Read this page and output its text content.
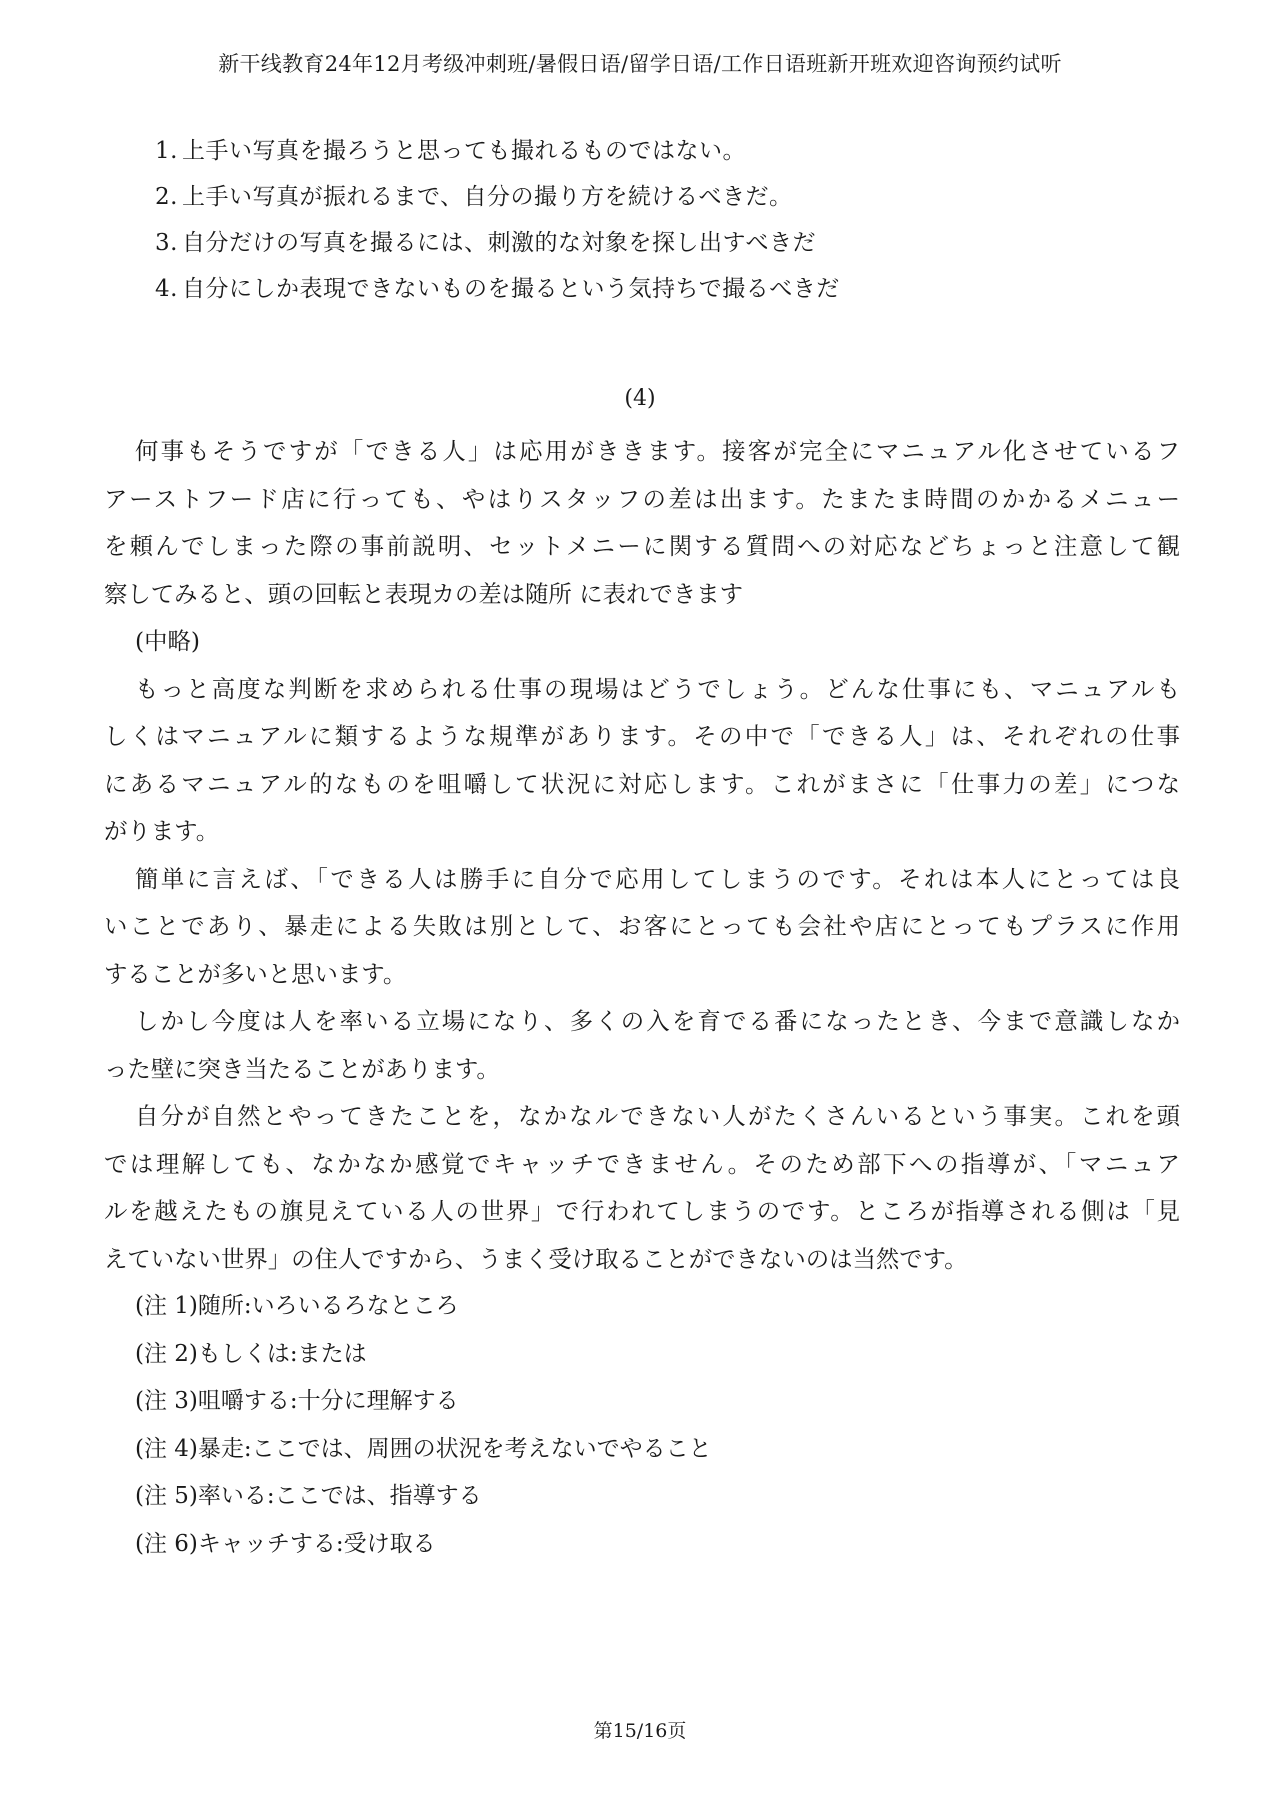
新干线教育24年12月考级冲刺班/暑假日语/留学日语/工作日语班新开班欢迎咨询预约试听
1. 上手い写真を撮ろうと思っても撮れるものではない。
2. 上手い写真が振れるまで、自分の撮り方を続けるべきだ。
3. 自分だけの写真を撮るには、刺激的な対象を探し出すべきだ
4. 自分にしか表現できないものを撮るという気持ちで撮るべきだ
(4)
何事もそうですが「できる人」は応用がききます。接客が完全にマニュアル化させているフ
アーストフード店に行っても、やはりスタッフの差は出ます。たまたま時間のかかるメニュー
を頼んでしまった際の事前説明、セットメニーに関する質問への対応などちょっと注意して観
察してみると、頭の回転と表現カの差は随所 に表れできます
(中略)
もっと高度な判断を求められる仕事の現場はどうでしょう。どんな仕事にも、マニュアルも
しくはマニュアルに類するような規準があります。その中で「できる人」は、それぞれの仕事
にあるマニュアル的なものを咀嚼して状況に対応します。これがまさに「仕事力の差」につな
がります。
簡単に言えば、「できる人は勝手に自分で応用してしまうのです。それは本人にとっては良
いことであり、暴走による失敗は別として、お客にとっても会社や店にとってもプラスに作用
することが多いと思います。
しかし今度は人を率いる立場になり、多くの入を育でる番になったとき、今まで意識しなか
った壁に突き当たることがあります。
自分が自然とやってきたことを，なかなルできない人がたくさんいるという事実。これを頭
では理解しても、なかなか感覚でキャッチできません。そのため部下への指導が、「マニュア
ルを越えたもの旗見えている人の世界」で行われてしまうのです。ところが指導される側は「見
えていない世界」の住人ですから、うまく受け取ることができないのは当然です。
(注 1)随所:いろいるろなところ
(注 2)もしくは:または
(注 3)咀嚼する:十分に理解する
(注 4)暴走:ここでは、周囲の状況を考えないでやること
(注 5)率いる:ここでは、指導する
(注 6)キャッチする:受け取る
第15/16页
